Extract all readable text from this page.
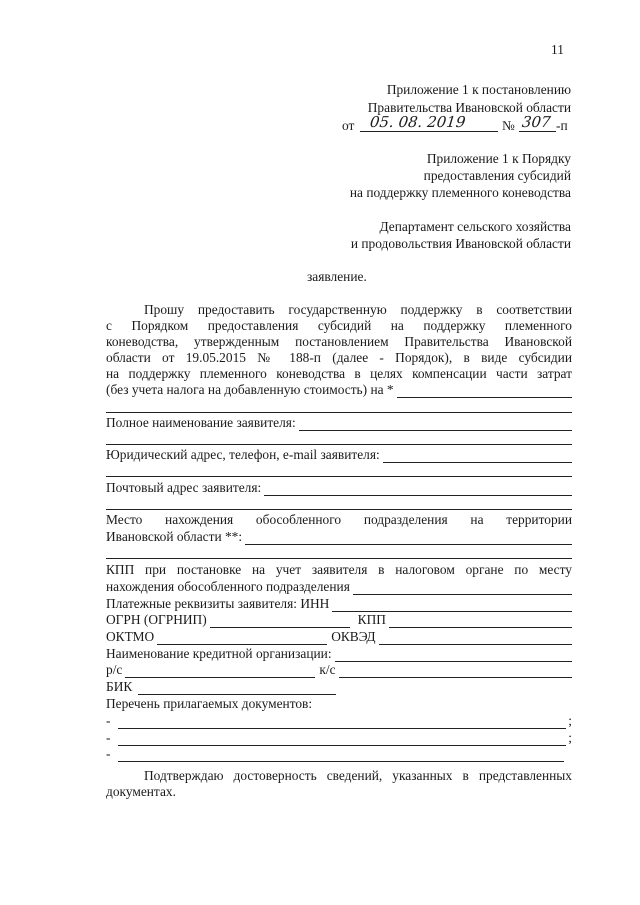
11
Приложение 1 к постановлению
Правительства Ивановской области
от 05. 08. 2019	№ 307 -п
Приложение 1 к Порядку
предоставления субсидий
на поддержку племенного коневодства
Департамент сельского хозяйства
и продовольствия Ивановской области
заявление.
Прошу предоставить государственную поддержку в соответствии
с Порядком предоставления субсидий на поддержку племенного
коневодства, утвержденным постановлением Правительства Ивановской
области от 19.05.2015 № 188-п (далее - Порядок), в виде субсидии
на поддержку племенного коневодства в целях компенсации части затрат
(без учета налога на добавленную стоимость) на *
Полное наименование заявителя:
Юридический адрес, телефон, e-mail заявителя:
Почтовый адрес заявителя:
Место нахождения обособленного подразделения на территории
Ивановской области **:
КПП при постановке на учет заявителя в налоговом органе по месту
нахождения обособленного подразделения
Платежные реквизиты заявителя: ИНН
ОГРН (ОГРНИП)	КПП
ОКТМО	ОКВЭД
Наименование кредитной организации:
р/с	к/с
БИК
Перечень прилагаемых документов:
-	;
-	;
-
Подтверждаю достоверность сведений, указанных в представленных
документах.
